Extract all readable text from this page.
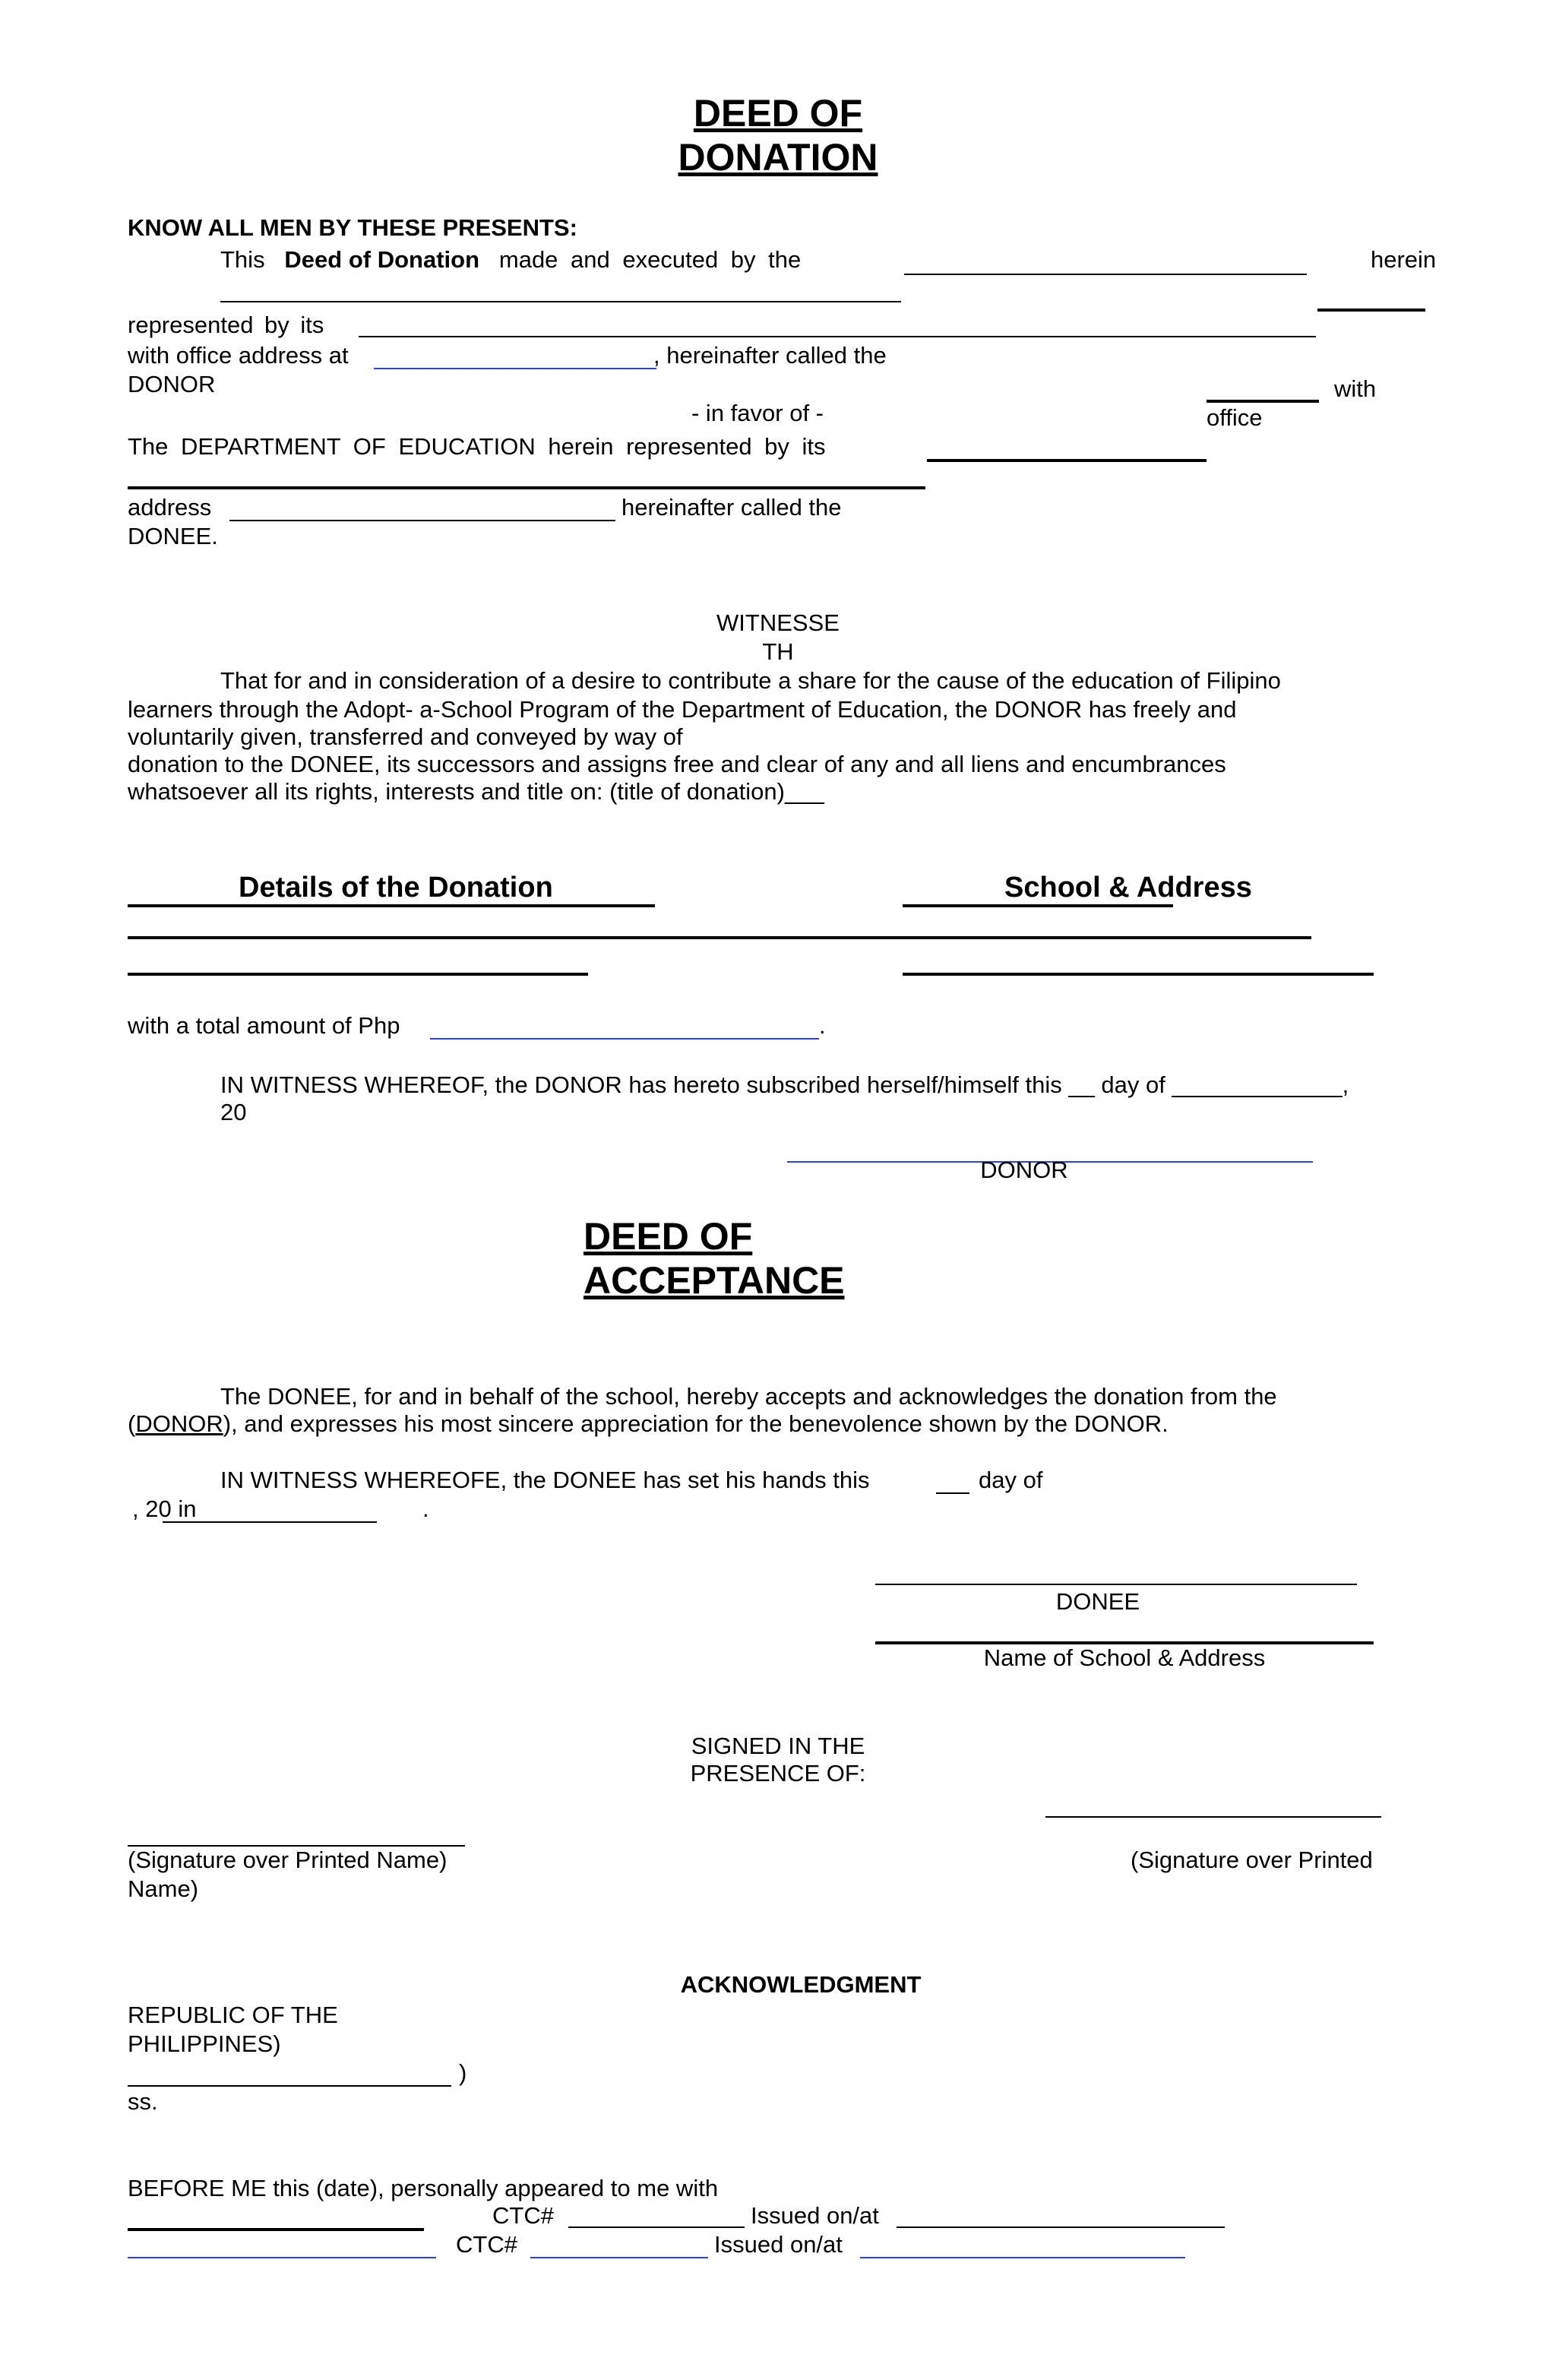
DEED OF
DONATION
KNOW ALL MEN BY THESE PRESENTS:
This Deed of Donation made and executed by the	herein
represented by its
with office address at	, hereinafter called the
DONOR	with
- in favor of -	office
The DEPARTMENT OF EDUCATION herein represented by its
address	hereinafter called the
DONEE.
WITNESSE
TH
That for and in consideration of a desire to contribute a share for the cause of the education of Filipino
learners through the Adopt- a-School Program of the Department of Education, the DONOR has freely and
voluntarily given, transferred and conveyed by way of
donation to the DONEE, its successors and assigns free and clear of any and all liens and encumbrances
whatsoever all its rights, interests and title on: (title of donation)___
Details of the Donation	School & Address
with a total amount of Php	.
IN WITNESS WHEREOF, the DONOR has hereto subscribed herself/himself this __ day of _____________,
20
DONOR
DEED OF
ACCEPTANCE
The DONEE, for and in behalf of the school, hereby accepts and acknowledges the donation from the
(DONOR), and expresses his most sincere appreciation for the benevolence shown by the DONOR.
IN WITNESS WHEREOFE, the DONEE has set his hands this	day of
, 20 in	.
DONEE
Name of School & Address
SIGNED IN THE
PRESENCE OF:
(Signature over Printed Name)	(Signature over Printed
Name)
ACKNOWLEDGMENT
REPUBLIC OF THE
PHILIPPINES)
)
ss.
BEFORE ME this (date), personally appeared to me with
CTC#	Issued on/at
CTC#	Issued on/at
